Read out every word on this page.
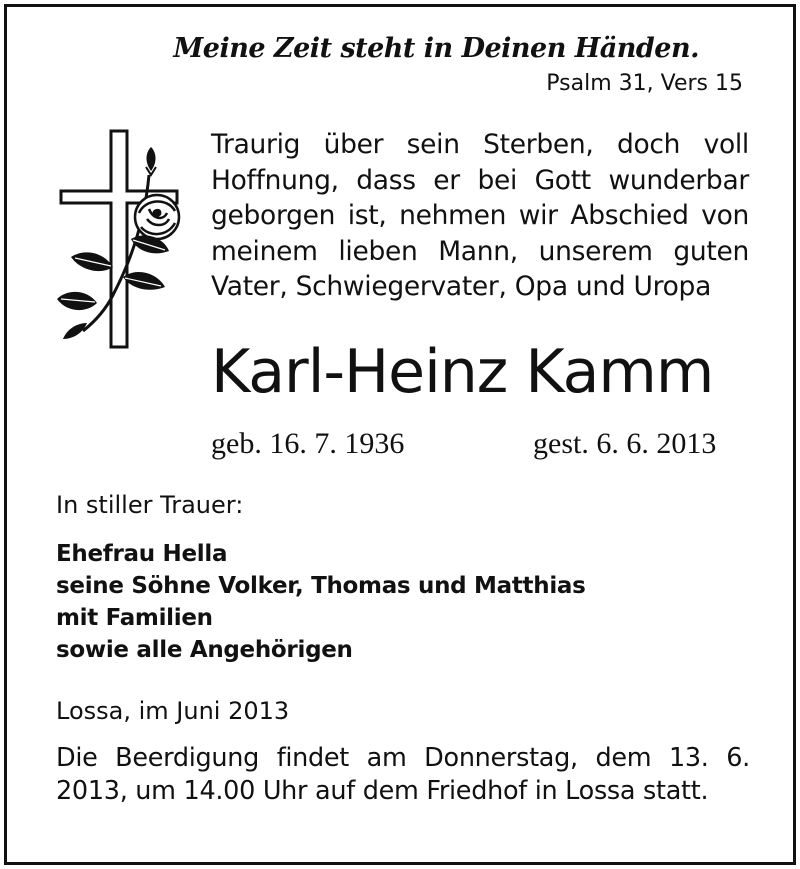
Meine Zeit steht in Deinen Händen.
Psalm 31, Vers 15
Traurig über sein Sterben, doch voll Hoffnung, dass er bei Gott wunderbar geborgen ist, nehmen wir Abschied von meinem lieben Mann, unserem guten Vater, Schwiegervater, Opa und Uropa
Karl-Heinz Kamm
geb. 16. 7. 1936	gest. 6. 6. 2013
In stiller Trauer:
Ehefrau Hella
seine Söhne Volker, Thomas und Matthias
mit Familien
sowie alle Angehörigen
Lossa, im Juni 2013
Die Beerdigung findet am Donnerstag, dem 13. 6. 2013, um 14.00 Uhr auf dem Friedhof in Lossa statt.
